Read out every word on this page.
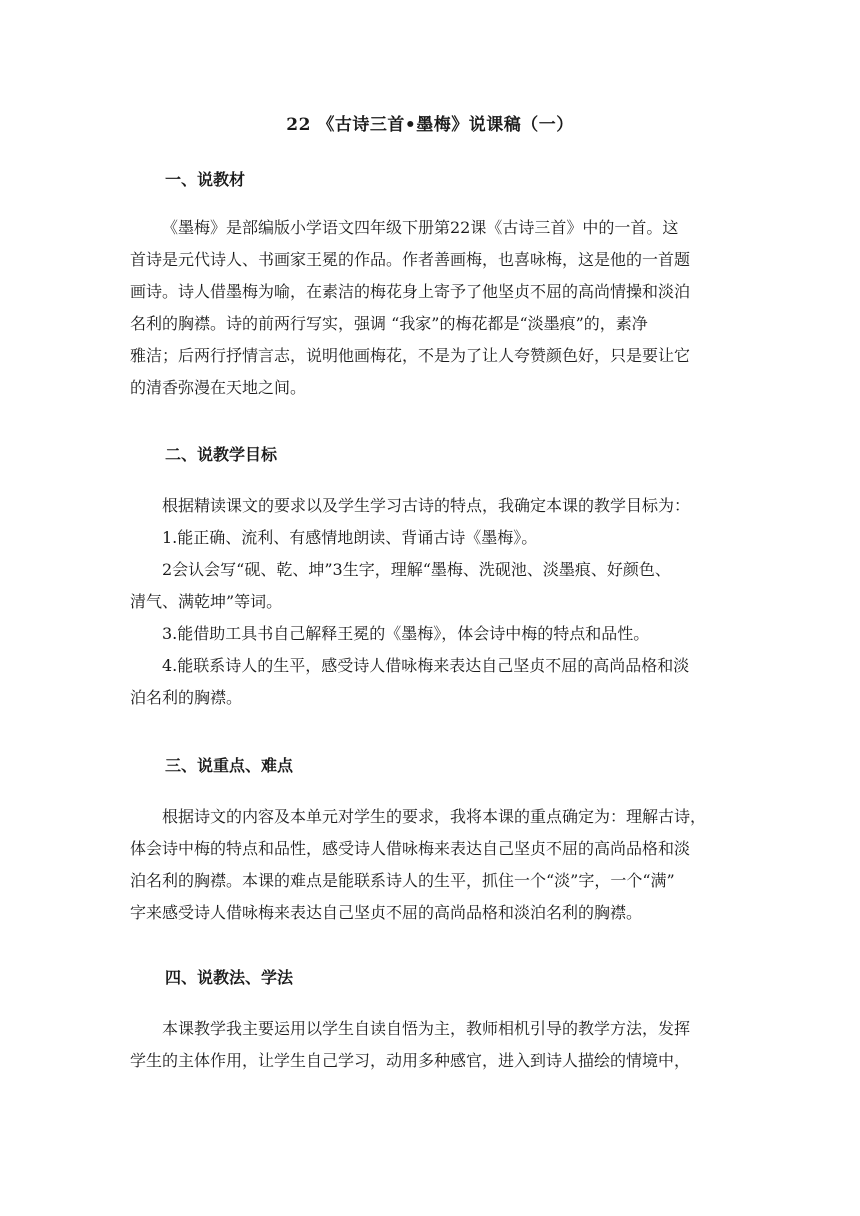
22 《古诗三首•墨梅》说课稿（一）
一、说教材
《墨梅》是部编版小学语文四年级下册第22课《古诗三首》中的一首。这
首诗是元代诗人、书画家王冕的作品。作者善画梅，也喜咏梅，这是他的一首题
画诗。诗人借墨梅为喻，在素洁的梅花身上寄予了他坚贞不屈的高尚情操和淡泊
名利的胸襟。诗的前两行写实，强调 “我家”的梅花都是“淡墨痕”的，素净
雅洁；后两行抒情言志，说明他画梅花，不是为了让人夸赞颜色好，只是要让它
的清香弥漫在天地之间。
二、说教学目标
根据精读课文的要求以及学生学习古诗的特点，我确定本课的教学目标为：
1.能正确、流利、有感情地朗读、背诵古诗《墨梅》。
2会认会写“砚、乾、坤”3生字，理解“墨梅、洗砚池、淡墨痕、好颜色、
清气、满乾坤”等词。
3.能借助工具书自己解释王冕的《墨梅》，体会诗中梅的特点和品性。
4.能联系诗人的生平，感受诗人借咏梅来表达自己坚贞不屈的高尚品格和淡
泊名利的胸襟。
三、说重点、难点
根据诗文的内容及本单元对学生的要求，我将本课的重点确定为：理解古诗，
体会诗中梅的特点和品性，感受诗人借咏梅来表达自己坚贞不屈的高尚品格和淡
泊名利的胸襟。本课的难点是能联系诗人的生平，抓住一个“淡”字，一个“满”
字来感受诗人借咏梅来表达自己坚贞不屈的高尚品格和淡泊名利的胸襟。
四、说教法、学法
本课教学我主要运用以学生自读自悟为主，教师相机引导的教学方法，发挥
学生的主体作用，让学生自己学习，动用多种感官，进入到诗人描绘的情境中，
